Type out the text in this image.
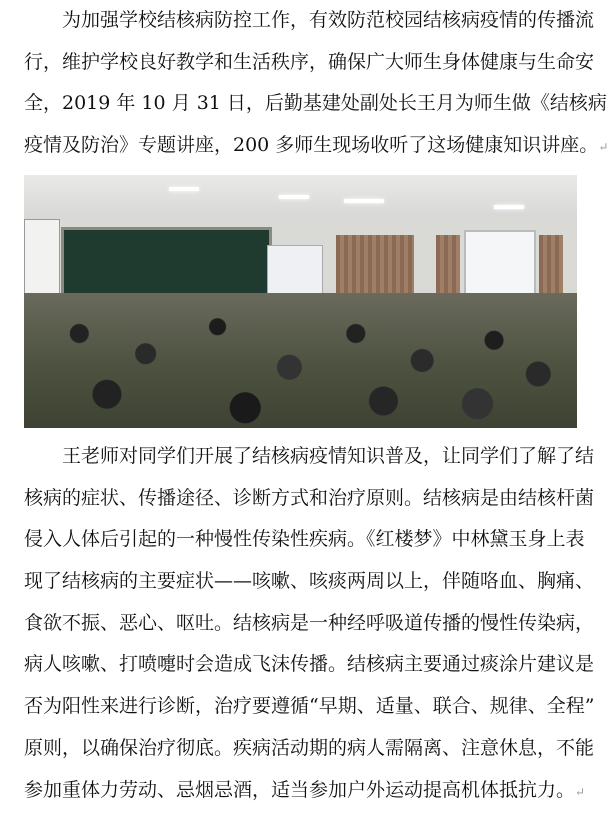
为加强学校结核病防控工作，有效防范校园结核病疫情的传播流
行，维护学校良好教学和生活秩序，确保广大师生身体健康与生命安
全，2019 年 10 月 31 日，后勤基建处副处长王月为师生做《结核病
疫情及防治》专题讲座，200 多师生现场收听了这场健康知识讲座。↵
王老师对同学们开展了结核病疫情知识普及，让同学们了解了结
核病的症状、传播途径、诊断方式和治疗原则。结核病是由结核杆菌
侵入人体后引起的一种慢性传染性疾病。《红楼梦》中林黛玉身上表
现了结核病的主要症状——咳嗽、咳痰两周以上，伴随咯血、胸痛、
食欲不振、恶心、呕吐。结核病是一种经呼吸道传播的慢性传染病，
病人咳嗽、打喷嚏时会造成飞沫传播。结核病主要通过痰涂片建议是
否为阳性来进行诊断，治疗要遵循“早期、适量、联合、规律、全程”
原则，以确保治疗彻底。疾病活动期的病人需隔离、注意休息，不能
参加重体力劳动、忌烟忌酒，适当参加户外运动提高机体抵抗力。↵
